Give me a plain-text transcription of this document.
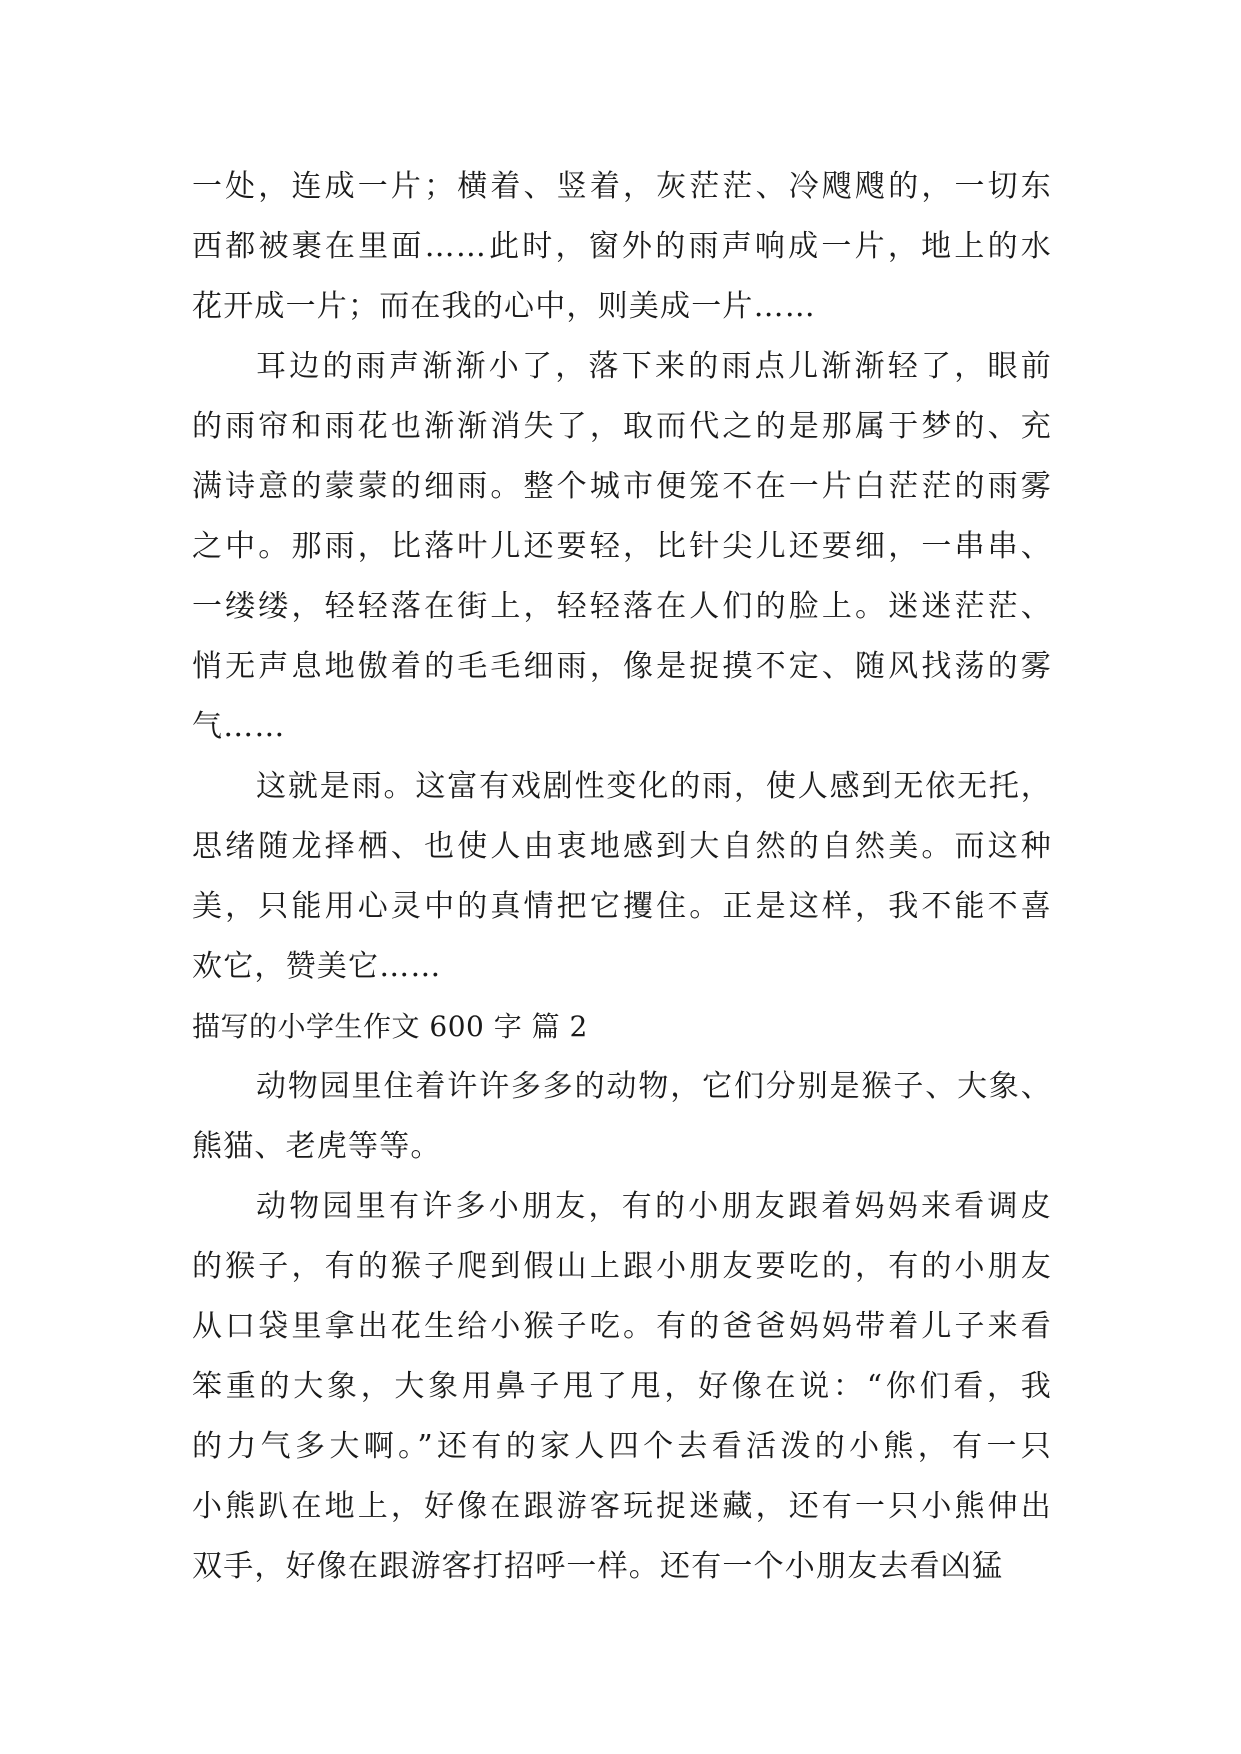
一处，连成一片；横着、竖着，灰茫茫、冷飕飕的，一切东
西都被裹在里面……此时，窗外的雨声响成一片，地上的水
花开成一片；而在我的心中，则美成一片……
耳边的雨声渐渐小了，落下来的雨点儿渐渐轻了，眼前
的雨帘和雨花也渐渐消失了，取而代之的是那属于梦的、充
满诗意的蒙蒙的细雨。整个城市便笼不在一片白茫茫的雨雾
之中。那雨，比落叶儿还要轻，比针尖儿还要细，一串串、
一缕缕，轻轻落在街上，轻轻落在人们的脸上。迷迷茫茫、
悄无声息地傲着的毛毛细雨，像是捉摸不定、随风找荡的雾
气……
这就是雨。这富有戏剧性变化的雨，使人感到无依无托，
思绪随龙择栖、也使人由衷地感到大自然的自然美。而这种
美，只能用心灵中的真情把它攫住。正是这样，我不能不喜
欢它，赞美它……
描写的小学生作文 600 字 篇 2
动物园里住着许许多多的动物，它们分别是猴子、大象、
熊猫、老虎等等。
动物园里有许多小朋友，有的小朋友跟着妈妈来看调皮
的猴子，有的猴子爬到假山上跟小朋友要吃的，有的小朋友
从口袋里拿出花生给小猴子吃。有的爸爸妈妈带着儿子来看
笨重的大象，大象用鼻子甩了甩，好像在说：“你们看，我
的力气多大啊。”还有的家人四个去看活泼的小熊，有一只
小熊趴在地上，好像在跟游客玩捉迷藏，还有一只小熊伸出
双手，好像在跟游客打招呼一样。还有一个小朋友去看凶猛
